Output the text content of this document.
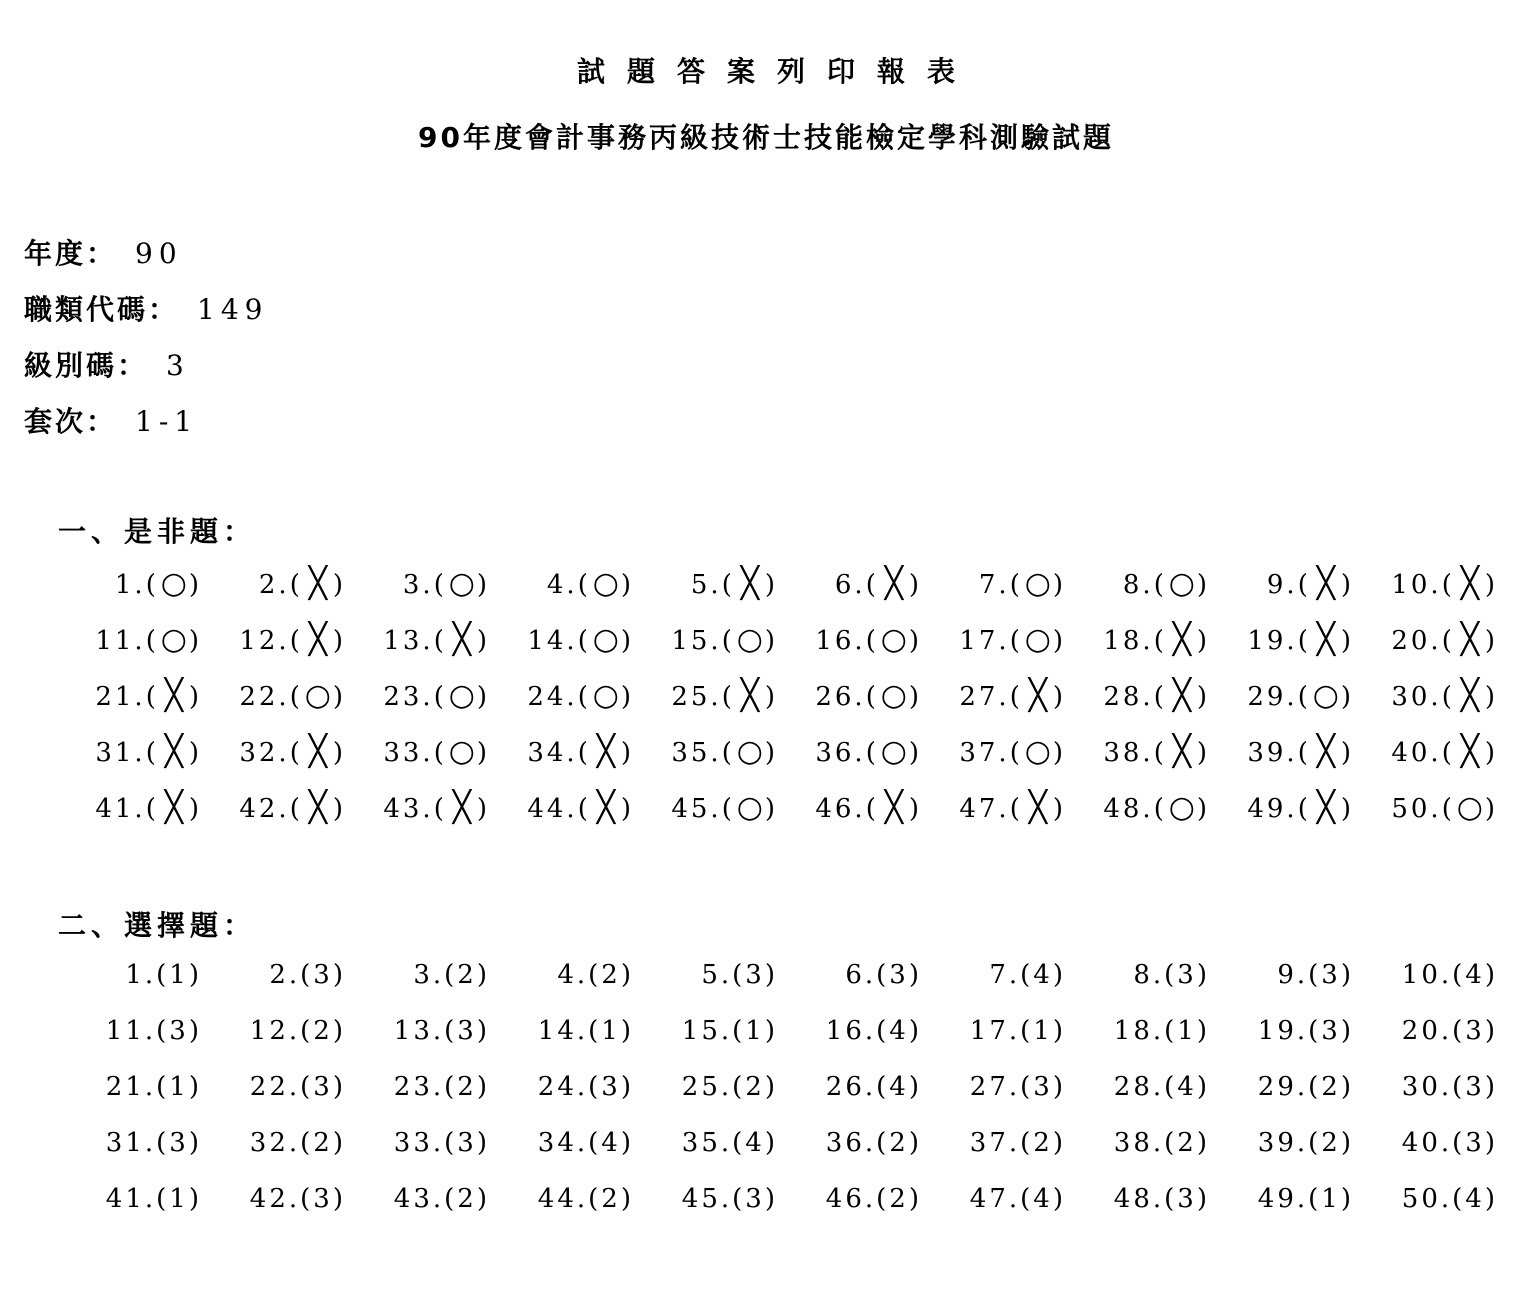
試題答案列印報表
90年度會計事務丙級技術士技能檢定學科測驗試題
年度： 90
職類代碼： 149
級別碼： 3
套次： 1-1
一、是非題：
1.(○)	2.( ╳ )	3.(○)	4.(○)	5.( ╳ )	6.( ╳ )	7.(○)	8.(○)	9.( ╳ )	10.( ╳ )
11.(○)	12.( ╳ )	13.( ╳ )	14.(○)	15.(○)	16.(○)	17.(○)	18.( ╳ )	19.( ╳ )	20.( ╳ )
21.( ╳ )	22.(○)	23.(○)	24.(○)	25.( ╳ )	26.(○)	27.( ╳ )	28.( ╳ )	29.(○)	30.( ╳ )
31.( ╳ )	32.( ╳ )	33.(○)	34.( ╳ )	35.(○)	36.(○)	37.(○)	38.( ╳ )	39.( ╳ )	40.( ╳ )
41.( ╳ )	42.( ╳ )	43.( ╳ )	44.( ╳ )	45.(○)	46.( ╳ )	47.( ╳ )	48.(○)	49.( ╳ )	50.(○)
二、選擇題：
1.(1)	2.(3)	3.(2)	4.(2)	5.(3)	6.(3)	7.(4)	8.(3)	9.(3)	10.(4)
11.(3)	12.(2)	13.(3)	14.(1)	15.(1)	16.(4)	17.(1)	18.(1)	19.(3)	20.(3)
21.(1)	22.(3)	23.(2)	24.(3)	25.(2)	26.(4)	27.(3)	28.(4)	29.(2)	30.(3)
31.(3)	32.(2)	33.(3)	34.(4)	35.(4)	36.(2)	37.(2)	38.(2)	39.(2)	40.(3)
41.(1)	42.(3)	43.(2)	44.(2)	45.(3)	46.(2)	47.(4)	48.(3)	49.(1)	50.(4)
